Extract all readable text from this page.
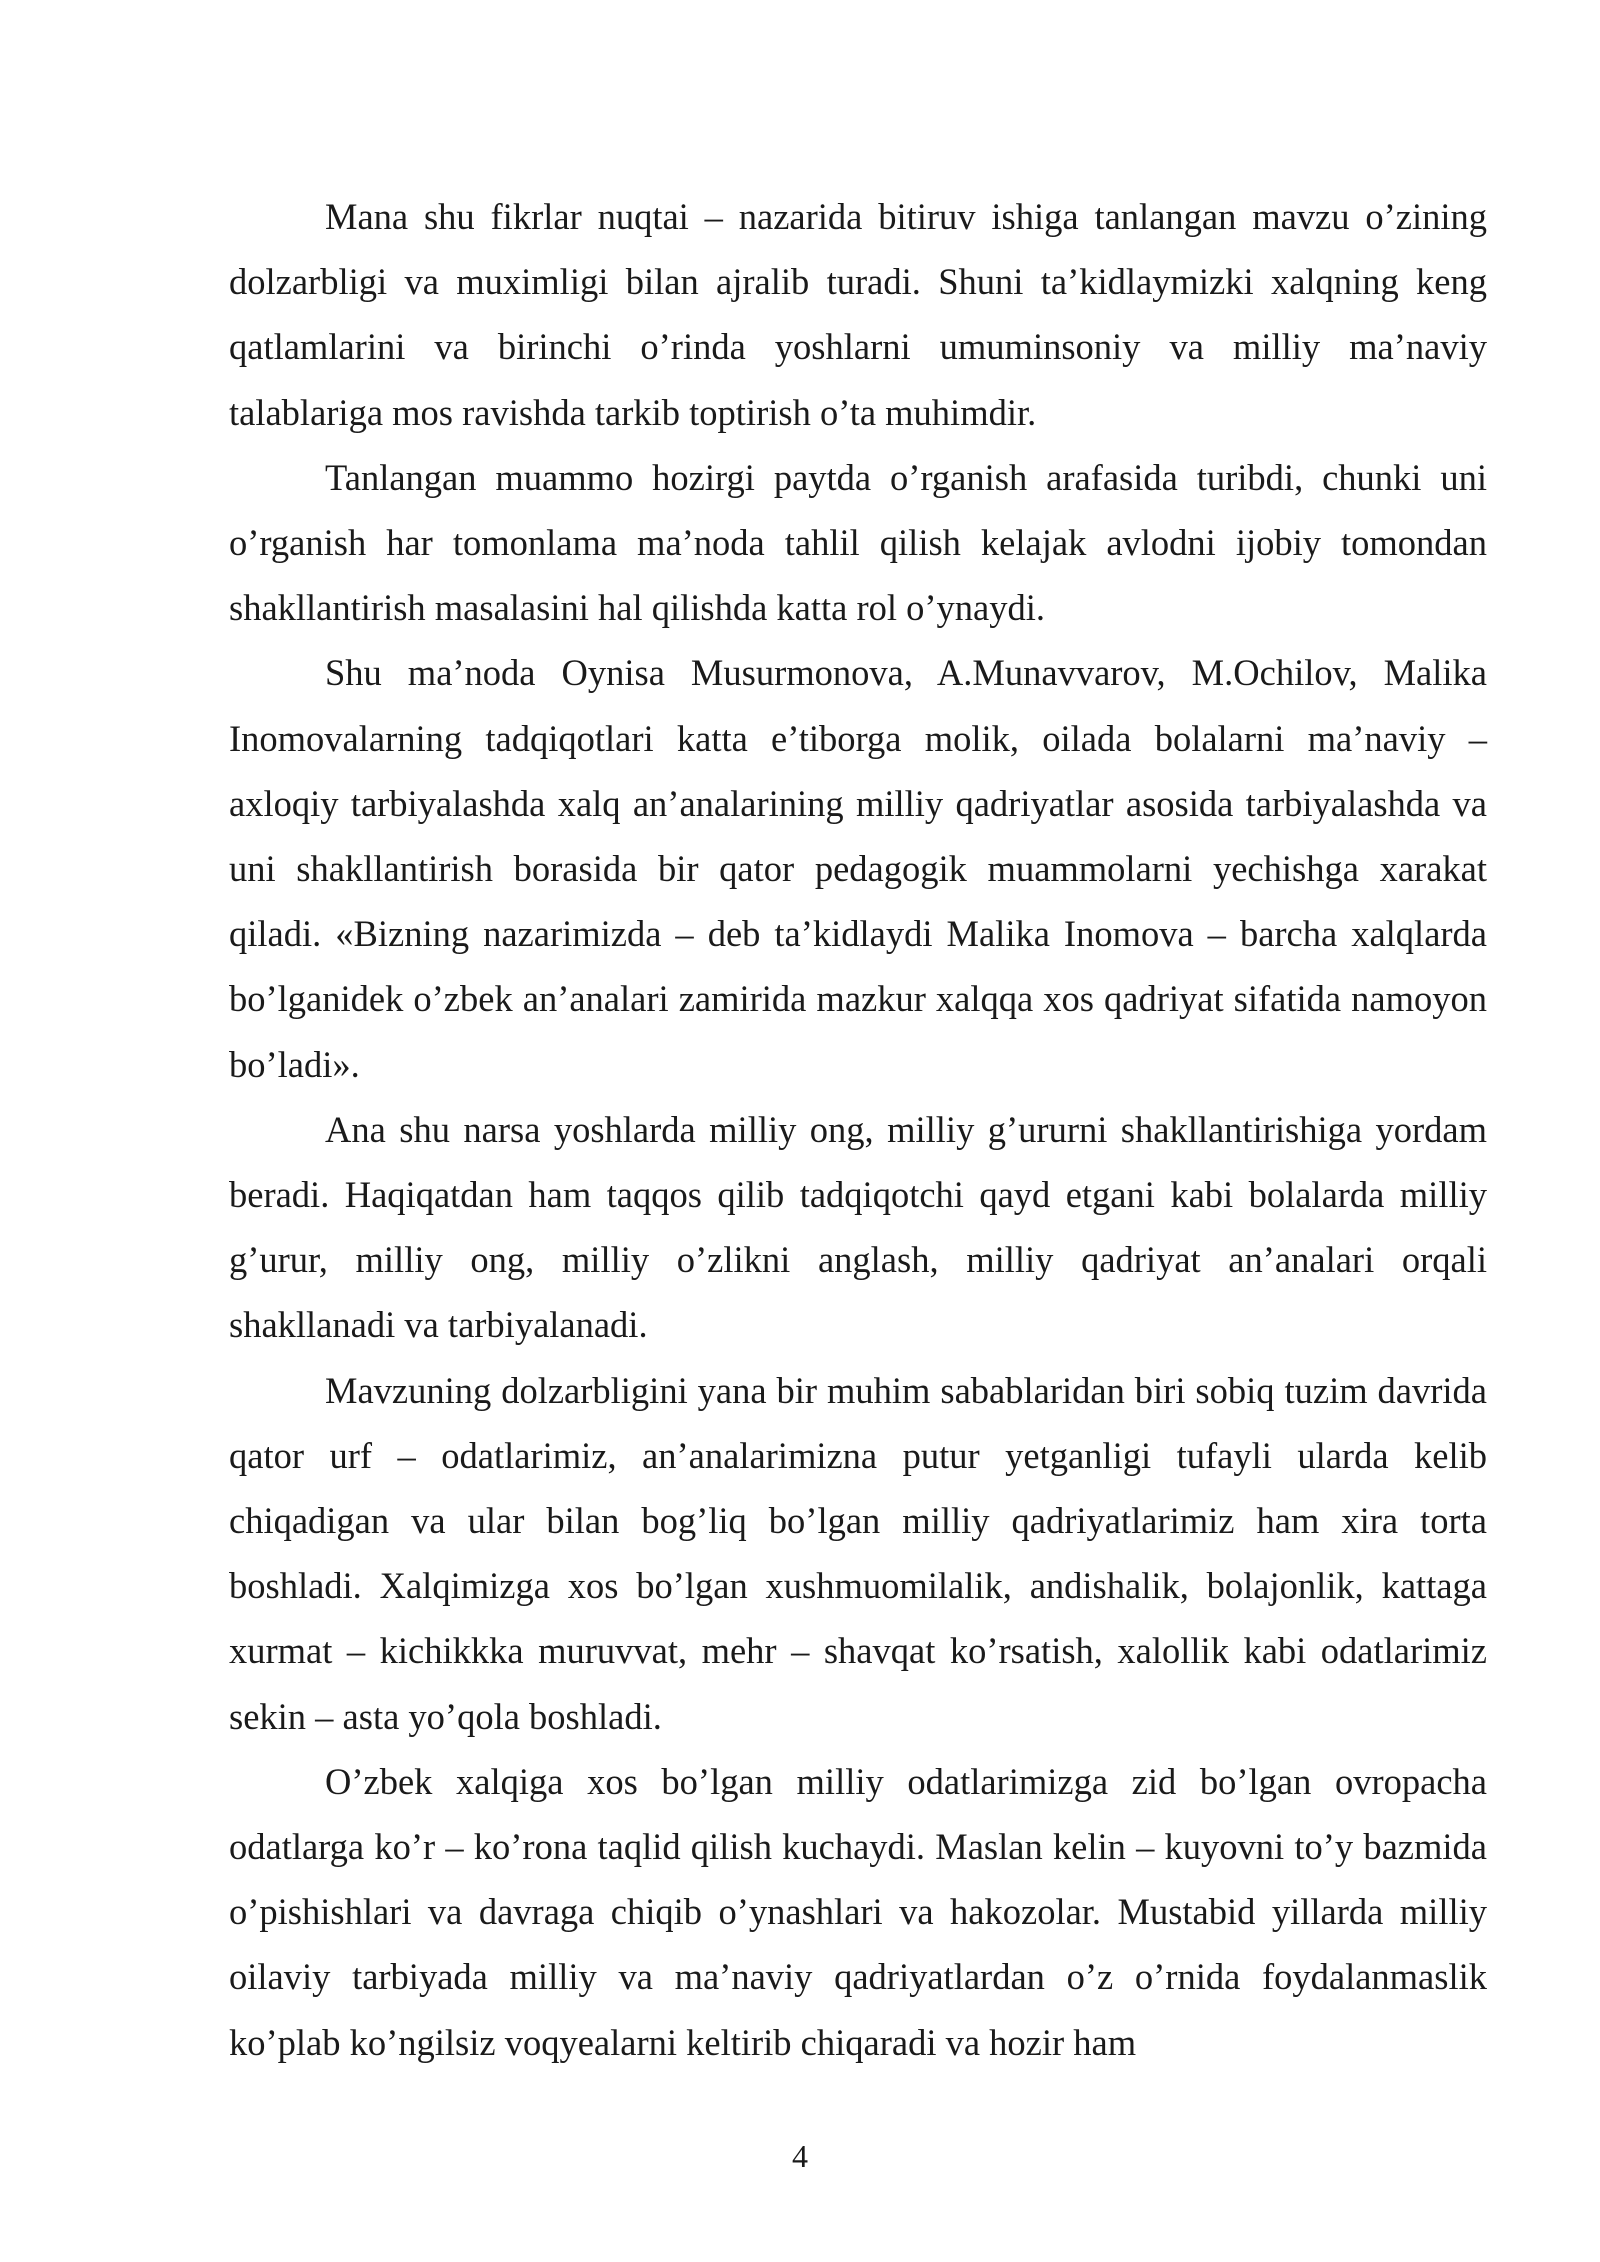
Mana shu fikrlar nuqtai – nazarida bitiruv ishiga tanlangan mavzu o’zining dolzarbligi va muximligi bilan ajralib turadi. Shuni ta’kidlaymizki xalqning keng qatlamlarini va birinchi o’rinda yoshlarni umuminsoniy va milliy ma’naviy talablariga mos ravishda tarkib toptirish o’ta muhimdir.

Tanlangan muammo hozirgi paytda o’rganish arafasida turibdi, chunki uni o’rganish har tomonlama ma’noda tahlil qilish kelajak avlodni ijobiy tomondan shakllantirish masalasini hal qilishda katta rol o’ynaydi.

Shu ma’noda Oynisa Musurmonova, A.Munavvarov, M.Ochilov, Malika Inomovalarning tadqiqotlari katta e’tiborga molik, oilada bolalarni ma’naviy – axloqiy tarbiyalashda xalq an’analarining milliy qadriyatlar asosida tarbiyalashda va uni shakllantirish borasida bir qator pedagogik muammolarni yechishga xarakat qiladi. «Bizning nazarimizda – deb ta’kidlaydi Malika Inomova – barcha xalqlarda bo’lganidek o’zbek an’analari zamirida mazkur xalqqa xos qadriyat sifatida namoyon bo’ladi».

Ana shu narsa yoshlarda milliy ong, milliy g’ururni shakllantirishiga yordam beradi. Haqiqatdan ham taqqos qilib tadqiqotchi qayd etgani kabi bolalarda milliy g’urur, milliy ong, milliy o’zlikni anglash, milliy qadriyat an’analari orqali shakllanadi va tarbiyalanadi.

Mavzuning dolzarbligini yana bir muhim sabablaridan biri sobiq tuzim davrida qator urf – odatlarimiz, an’analarimizna putur yetganligi tufayli ularda kelib chiqadigan va ular bilan bog’liq bo’lgan milliy qadriyatlarimiz ham xira torta boshladi. Xalqimizga xos bo’lgan xushmuomilalik, andishalik, bolajonlik, kattaga xurmat – kichikkka muruvvat, mehr – shavqat ko’rsatish, xalollik kabi odatlarimiz sekin – asta yo’qola boshladi.

O’zbek xalqiga xos bo’lgan milliy odatlarimizga zid bo’lgan ovropacha odatlarga ko’r – ko’rona taqlid qilish kuchaydi. Maslan kelin – kuyovni to’y bazmida o’pishishlari va davraga chiqib o’ynashlari va hakozolar. Mustabid yillarda milliy oilaviy tarbiyada milliy va ma’naviy qadriyatlardan o’z o’rnida foydalanmaslik ko’plab ko’ngilsiz voqyealarni keltirib chiqaradi va hozir ham

4
